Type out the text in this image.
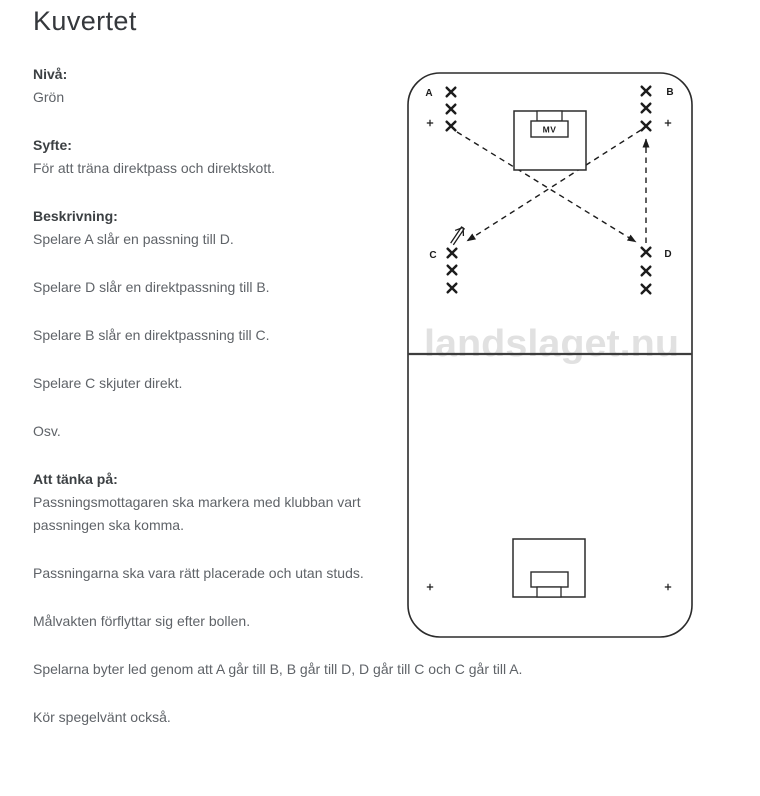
Kuvertet
Nivå:

Grön

Syfte:

För att träna direktpass och direktskott.

Beskrivning:

Spelare A slår en passning till D.

Spelare D slår en direktpassning till B.

Spelare B slår en direktpassning till C.

Spelare C skjuter direkt.

Osv.

Att tänka på:

Passningsmottagaren ska markera med klubban vart
passningen ska komma.

Passningarna ska vara rätt placerade och utan studs.

Målvakten förflyttar sig efter bollen.

Spelarna byter led genom att A går till B, B går till D, D går till C och C går till A.

Kör spegelvänt också.

landslaget.nu
MV
A	B
C	D
